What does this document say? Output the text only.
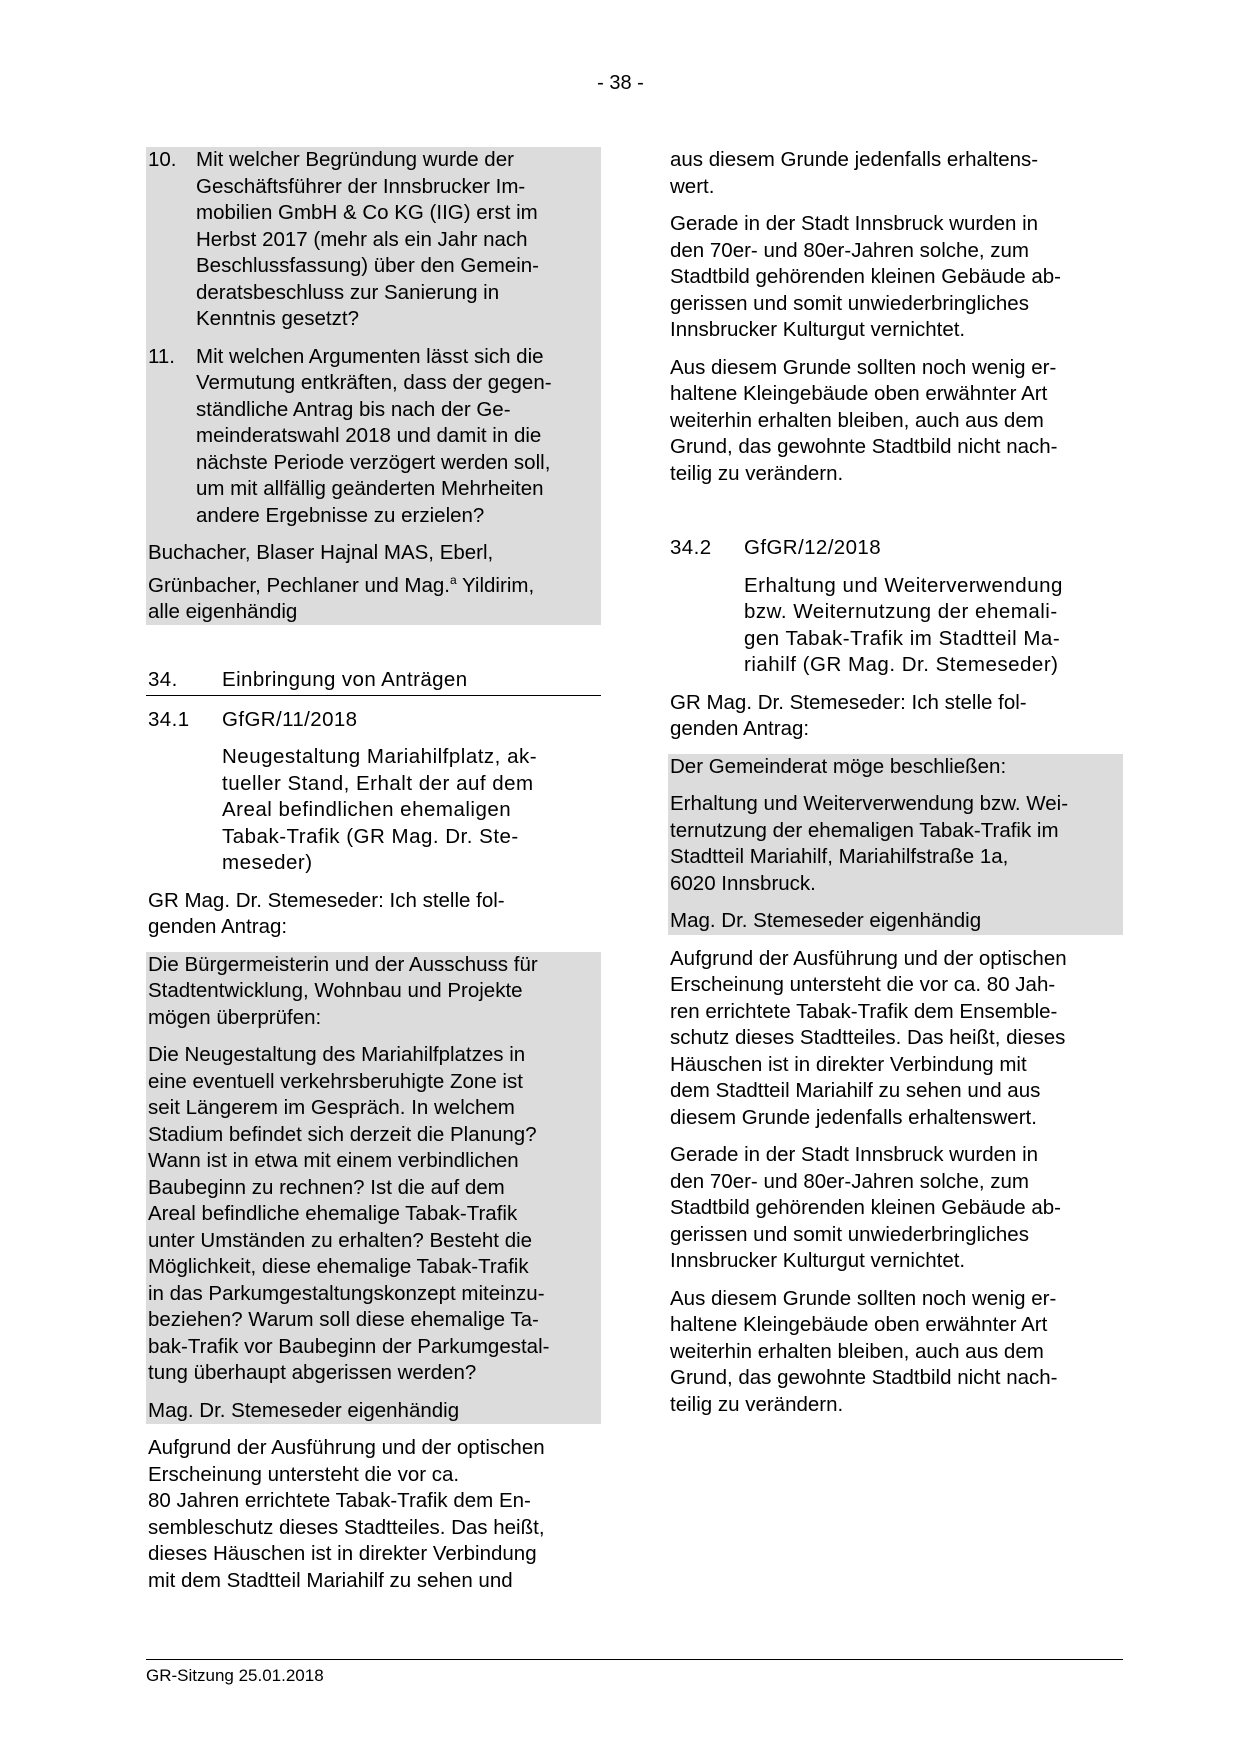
- 38 -
10. Mit welcher Begründung wurde der
Geschäftsführer der Innsbrucker Im-
mobilien GmbH & Co KG (IIG) erst im
Herbst 2017 (mehr als ein Jahr nach
Beschlussfassung) über den Gemein-
deratsbeschluss zur Sanierung in
Kenntnis gesetzt?
11.	Mit welchen Argumenten lässt sich die
Vermutung entkräften, dass der gegen-
ständliche Antrag bis nach der Ge-
meinderatswahl 2018 und damit in die
nächste Periode verzögert werden soll,
um mit allfällig geänderten Mehrheiten
andere Ergebnisse zu erzielen?
Buchacher, Blaser Hajnal MAS, Eberl,
Grünbacher, Pechlaner und Mag.$^a$ Yildirim,
alle eigenhändig
34.	Einbringung von Anträgen
34.1	GfGR/11/2018
Neugestaltung Mariahilfplatz, ak-
tueller Stand, Erhalt der auf dem
Areal befindlichen ehemaligen
Tabak-Trafik (GR Mag. Dr. Ste-
meseder)
GR Mag. Dr. Stemeseder: Ich stelle fol-
genden Antrag:
Die Bürgermeisterin und der Ausschuss für
Stadtentwicklung, Wohnbau und Projekte
mögen überprüfen:
Die Neugestaltung des Mariahilfplatzes in
eine eventuell verkehrsberuhigte Zone ist
seit Längerem im Gespräch. In welchem
Stadium befindet sich derzeit die Planung?
Wann ist in etwa mit einem verbindlichen
Baubeginn zu rechnen? Ist die auf dem
Areal befindliche ehemalige Tabak-Trafik
unter Umständen zu erhalten? Besteht die
Möglichkeit, diese ehemalige Tabak-Trafik
in das Parkumgestaltungskonzept miteinzu-
beziehen? Warum soll diese ehemalige Ta-
bak-Trafik vor Baubeginn der Parkumgestal-
tung überhaupt abgerissen werden?
Mag. Dr. Stemeseder eigenhändig
Aufgrund der Ausführung und der optischen
Erscheinung untersteht die vor ca.
80 Jahren errichtete Tabak-Trafik dem En-
sembleschutz dieses Stadtteiles. Das heißt,
dieses Häuschen ist in direkter Verbindung
mit dem Stadtteil Mariahilf zu sehen und
aus diesem Grunde jedenfalls erhaltens-
wert.
Gerade in der Stadt Innsbruck wurden in
den 70er- und 80er-Jahren solche, zum
Stadtbild gehörenden kleinen Gebäude ab-
gerissen und somit unwiederbringliches
Innsbrucker Kulturgut vernichtet.
Aus diesem Grunde sollten noch wenig er-
haltene Kleingebäude oben erwähnter Art
weiterhin erhalten bleiben, auch aus dem
Grund, das gewohnte Stadtbild nicht nach-
teilig zu verändern.
34.2	GfGR/12/2018
Erhaltung und Weiterverwendung
bzw. Weiternutzung der ehemali-
gen Tabak-Trafik im Stadtteil Ma-
riahilf (GR Mag. Dr. Stemeseder)
GR Mag. Dr. Stemeseder: Ich stelle fol-
genden Antrag:
Der Gemeinderat möge beschließen:
Erhaltung und Weiterverwendung bzw. Wei-
ternutzung der ehemaligen Tabak-Trafik im
Stadtteil Mariahilf, Mariahilfstraße 1a,
6020 Innsbruck.
Mag. Dr. Stemeseder eigenhändig
Aufgrund der Ausführung und der optischen
Erscheinung untersteht die vor ca. 80 Jah-
ren errichtete Tabak-Trafik dem Ensemble-
schutz dieses Stadtteiles. Das heißt, dieses
Häuschen ist in direkter Verbindung mit
dem Stadtteil Mariahilf zu sehen und aus
diesem Grunde jedenfalls erhaltenswert.
Gerade in der Stadt Innsbruck wurden in
den 70er- und 80er-Jahren solche, zum
Stadtbild gehörenden kleinen Gebäude ab-
gerissen und somit unwiederbringliches
Innsbrucker Kulturgut vernichtet.
Aus diesem Grunde sollten noch wenig er-
haltene Kleingebäude oben erwähnter Art
weiterhin erhalten bleiben, auch aus dem
Grund, das gewohnte Stadtbild nicht nach-
teilig zu verändern.
GR-Sitzung 25.01.2018
